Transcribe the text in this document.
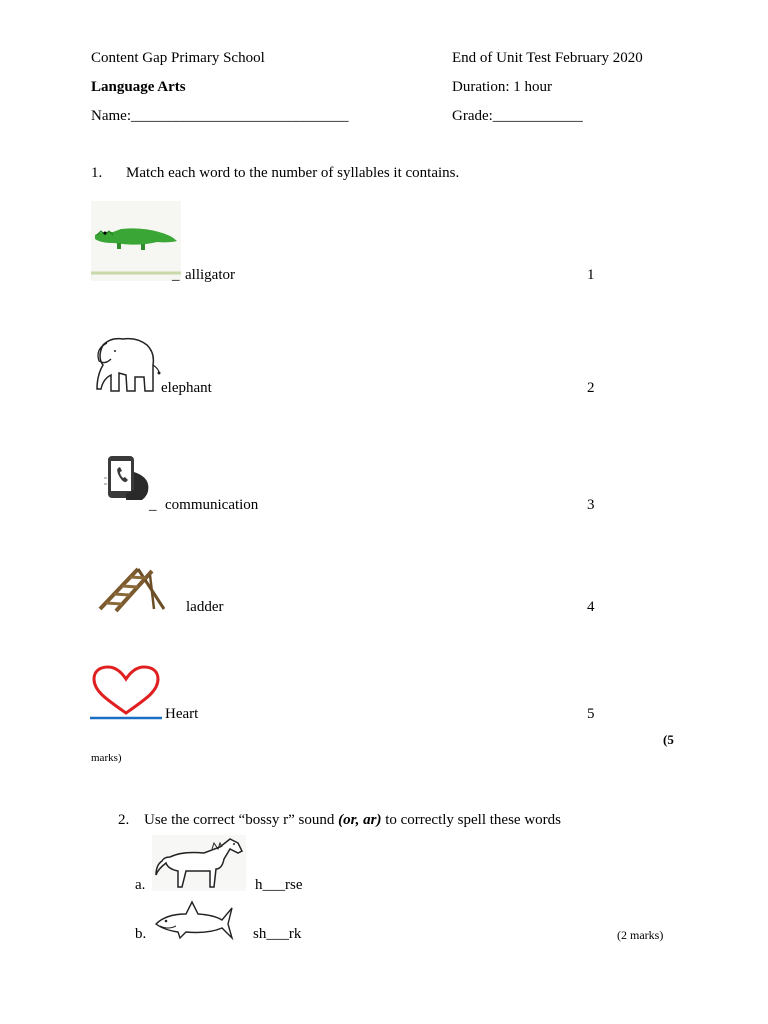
Content Gap Primary School	End of Unit Test February 2020
Language Arts	Duration: 1 hour
Name:_____________________________	Grade:____________
1. Match each word to the number of syllables it contains.
_ alligator	1
elephant	2
_ communication	3
ladder	4
Heart	5
(5
marks)
2. Use the correct “bossy r” sound (or, ar) to correctly spell these words
a.	h___rse
b.	sh___rk	(2 marks)
